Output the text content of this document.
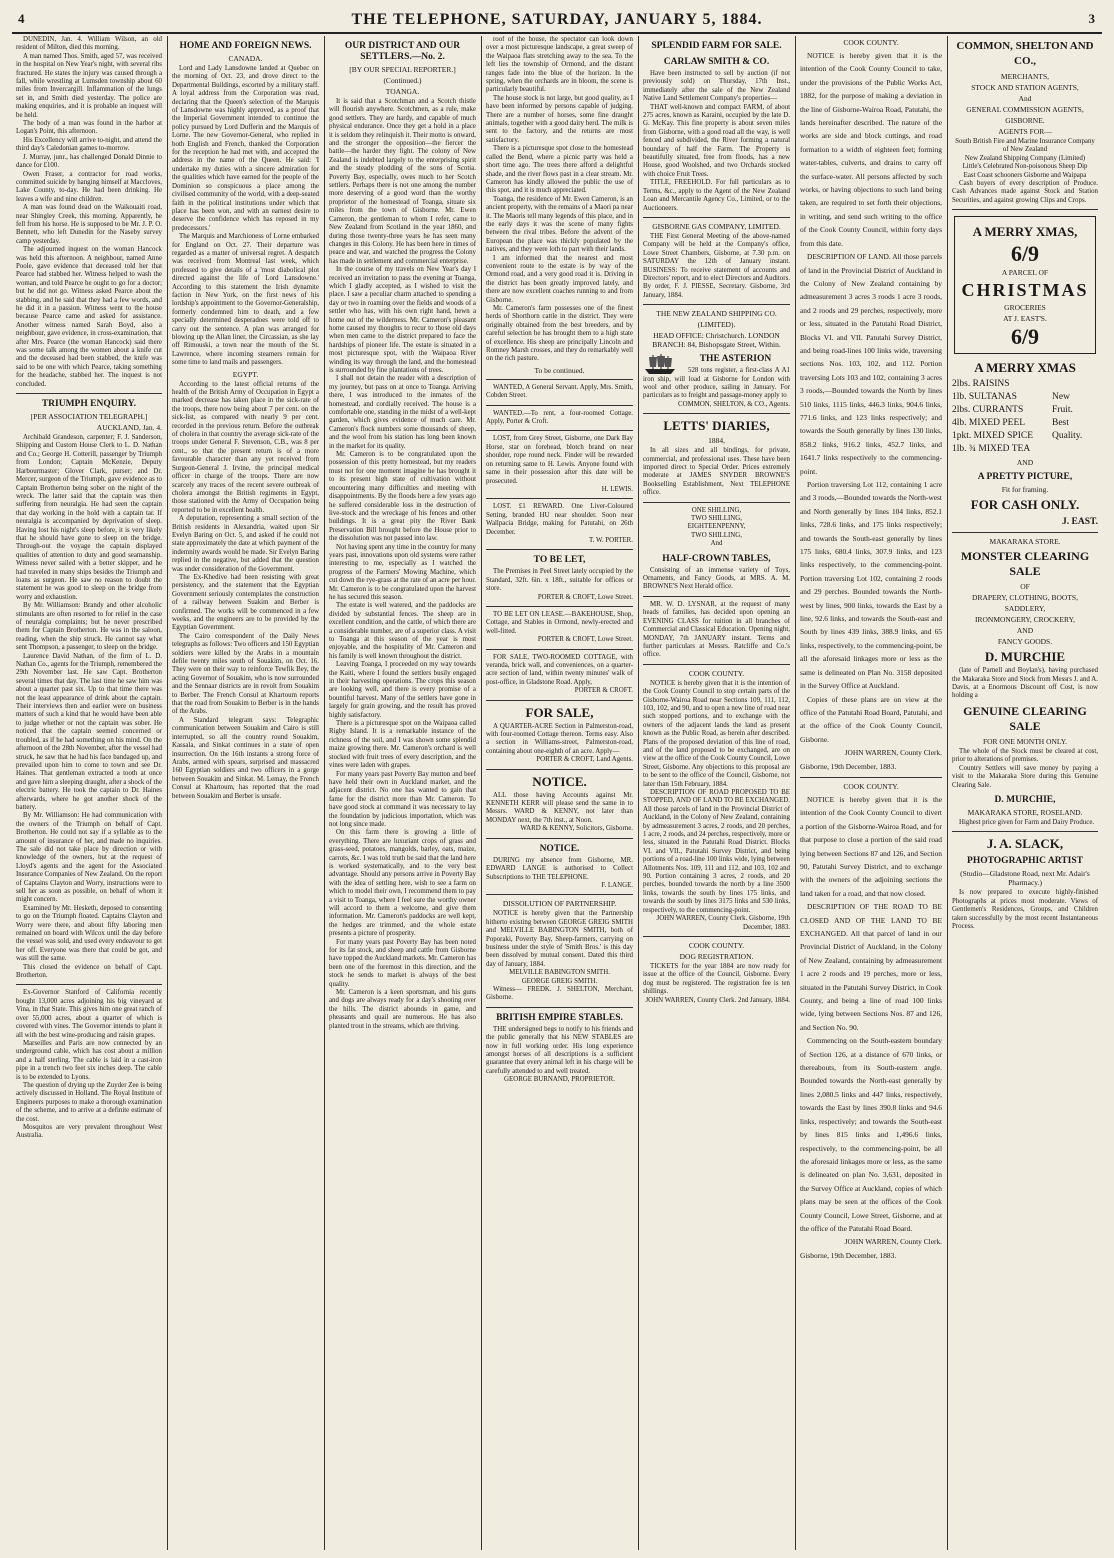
4	THE TELEPHONE, SATURDAY, JANUARY 5, 1884.	3

DUNEDIN, Jan. 4. William Wilson, an old resident of Milton, died this morning.

A man named Thos. Smith, aged 57, was received in the hospital on New Year's night, with several ribs fractured. He states the injury was caused through a fall, while wrestling at Lumsden township about 60 miles from Invercargill. Inflammation of the lungs set in, and Smith died yesterday. The police are making enquiries, and it is probable an inquest will be held.

The body of a man was found in the harbor at Logan's Point, this afternoon.

His Excellency will arrive to-night, and attend the third day's Caledonian games to-morrow.

J. Murray, junr., has challenged Donald Dinnie to dance for £100.

Owen Fraser, a contractor for road works, committed suicide by hanging himself at Maccloves, Lake County, to-day. He had been drinking. He leaves a wife and nine children.

A man was found dead on the Waikouaiti road, near Shingley Creek, this morning. Apparently, he fell from his horse. He is supposed to be Mr. J. P. O. Bennett, who left Dunedin for the Naseby survey camp yesterday.

The adjourned inquest on the woman Hancock was held this afternoon. A neighbour, named Anne Poole, gave evidence that deceased told her that Pearce had stabbed her. Witness helped to wash the woman, and told Pearce he ought to go for a doctor; but he did not go. Witness asked Pearce about the stabbing, and he said that they had a few words, and he did it in a passion. Witness went to the house because Pearce came and asked for assistance. Another witness named Sarah Boyd, also a neighbour, gave evidence, in cross-examination, that after Mrs. Pearce (the woman Hancock) said there was some talk among the women about a knife cut and the deceased had been stabbed, the knife was said to be one with which Pearce, taking something for the headache, stabbed her. The inquest is not concluded.

TRIUMPH ENQUIRY.
[PER ASSOCIATION TELEGRAPH.]
AUCKLAND, Jan. 4.

Archibald Grandeson, carpenter; F. J. Sanderson, Shipping and Custom House Clerk to L. D. Nathan and Co.; George H. Cotterill, passenger by Triumph from London; Captain McKenzie, Deputy Harbourmaster; Glover Clark, purser; and Dr. Mercer, surgeon of the Triumph, gave evidence as to Captain Brotherton being sober on the night of the wreck. The latter said that the captain was then suffering from neuralgia. He had seen the captain that day working in the hold with a captain tar. If neuralgia is accompanied by deprivation of sleep. Having lost his night's sleep before, it is very likely that he should have gone to sleep on the bridge. Through-out the voyage the captain displayed qualities of attention to duty and good seamanship. Witness never sailed with a better skipper, and he had traveled in many ships besides the Triumph and loans as surgeon. He saw no reason to doubt the statement he was good to sleep on the bridge from worry and exhaustion.

By Mr. Williamson: Brandy and other alcoholic stimulants are often resorted to for relief in the case of neuralgia complaints; but he never prescribed them for Captain Brotherton. He was in the saloon, reading, when the ship struck. He cannot say what sent Thompson, a passenger, to sleep on the bridge.

Laurence David Nathan, of the firm of L. D. Nathan Co., agents for the Triumph, remembered the 29th November last. He saw Capt. Brotherton several times that day. The last time he saw him was about a quarter past six. Up to that time there was not the least appearance of drink about the captain. Their interviews then and earlier were on business matters of such a kind that he would have been able to judge whether or not the captain was sober. He noticed that the captain seemed concerned or troubled, as if he had something on his mind. On the afternoon of the 28th November, after the vessel had struck, he saw that he had his face bandaged up, and prevailed upon him to come to town and see Dr. Haines. That gentleman extracted a tooth at once and gave him a sleeping draught, after a shock of the electric battery. He took the captain to Dr. Haines afterwards, where he got another shock of the battery.

By Mr. Williamson: He had communication with the owners of the Triumph on behalf of Capt. Brotherton. He could not say if a syllable as to the amount of insurance of her, and made no inquiries. The sale did not take place by direction or with knowledge of the owners, but at the request of Lloyd's agents and the agent for the Associated Insurance Companies of New Zealand. On the report of Captains Clayton and Worry, instructions were to sell her as soon as possible, on behalf of whom it might concern.

Examined by Mr. Hesketh, deposed to consenting to go on the Triumph floated. Captains Clayton and Worry were there, and about fifty laboring men remained on board with Wilcox until the day before the vessel was sold, and used every endeavour to get her off. Everyone was there that could be got, and was still the same.

This closed the evidence on behalf of Capt. Brotherton.

Ex-Governor Stanford of California recently bought 13,000 acres adjoining his big vineyard at Vina, in that State. This gives him one great ranch of over 55,000 acres, about a quarter of which is covered with vines. The Governor intends to plant it all with the best wine-producing and raisin grapes.

Marseilles and Paris are now connected by an underground cable, which has cost about a million and a half sterling. The cable is laid in a cast-iron pipe in a trench two feet six inches deep. The cable is to be extended to Lyons.

The question of drying up the Zuyder Zee is being actively discussed in Holland. The Royal Institute of Engineers purposes to make a thorough examination of the scheme, and to arrive at a definite estimate of the cost.

Mosquitos are very prevalent throughout West Australia.

HOME AND FOREIGN NEWS.
CANADA.

Lord and Lady Lansdowne landed at Quebec on the morning of Oct. 23, and drove direct to the Departmental Buildings, escorted by a military staff. A loyal address from the Corporation was read, declaring that the Queen's selection of the Marquis of Lansdowne was highly approved, as a proof that the Imperial Government intended to continue the policy pursued by Lord Dufferin and the Marquis of Lorne. The new Governor-General, who replied in both English and French, thanked the Corporation for the reception he had met with, and accepted the address in the name of the Queen. He said: 'I undertake my duties with a sincere admiration for the qualities which have earned for the people of the Dominion so conspicuous a place among the civilised community of the world, with a deep-seated faith in the political institutions under which that place has been won, and with an earnest desire to deserve the confidence which has reposed in my predecessors.'

The Marquis and Marchioness of Lorne embarked for England on Oct. 27. Their departure was regarded as a matter of universal regret. A despatch was received from Montreal last week, which professed to give details of a 'most diabolical plot directed against the life of Lord Lansdowne.' According to this statement the Irish dynamite faction in New York, on the first news of his lordship's appointment to the Governor-Generalship, formerly condemned him to death, and a few specially determined desperadoes were told off to carry out the sentence. A plan was arranged for blowing up the Allan liner, the Circassian, as she lay off Rimouski, a town near the mouth of the St. Lawrence, where incoming steamers remain for some time to land mails and passengers.

EGYPT.

According to the latest official returns of the health of the British Army of Occupation in Egypt a marked decrease has taken place in the sick-rate of the troops, there now being about 7 per cent. on the sick-list, as compared with nearly 9 per cent. recorded in the previous return. Before the outbreak of cholera in that country the average sick-rate of the troops under General F. Stevenson, C.B., was 8 per cent., so that the present return is of a more favourable character than any yet received from Surgeon-General J. Irvine, the principal medical officer in charge of the troops. There are now scarcely any traces of the recent severe outbreak of cholera amongst the British regiments in Egypt, those stationed with the Army of Occupation being reported to be in excellent health.

A deputation, representing a small section of the British residents in Alexandria, waited upon Sir Evelyn Baring on Oct. 5, and asked if he could not state approximately the date at which payment of the indemnity awards would be made. Sir Evelyn Baring replied in the negative, but added that the question was under consideration of the Government.

The Ex-Khedive had been resisting with great persistency, and the statement that the Egyptian Government seriously contemplates the construction of a railway between Suakim and Berber is confirmed. The works will be commenced in a few weeks, and the engineers are to be provided by the Egyptian Government.

The Cairo correspondent of the Daily News telegraphs as follows: Two officers and 150 Egyptian soldiers were killed by the Arabs in a mountain defile twenty miles south of Souakim, on Oct. 16. They were on their way to reinforce Tewfik Bey, the acting Governor of Souakim, who is now surrounded and the Sennaar districts are in revolt from Souakim to Berber. The French Consul at Khartoum reports that the road from Souakim to Berber is in the hands of the Arabs.

A Standard telegram says: Telegraphic communication between Souakim and Cairo is still interrupted, so all the country round Souakim, Kassala, and Sinkat continues in a state of open insurrection. On the 16th instants a strong force of Arabs, armed with spears, surprised and massacred 160 Egyptian soldiers and two officers in a gorge between Souakim and Sinkat. M. Lemay, the French Consul at Khartoum, has reported that the road between Souakim and Berber is unsafe.

OUR DISTRICT AND OUR SETTLERS.—No. 2.
[BY OUR SPECIAL REPORTER.]
(Continued.)
TOANGA.

It is said that a Scotchman and a Scotch thistle will flourish anywhere. Scotchmen, as a rule, make good settlers. They are hardy, and capable of much physical endurance. Once they get a hold in a place it is seldom they relinquish it. Their motto is onward, and the stronger the opposition—the fiercer the battle—the harder they fight. The colony of New Zealand is indebted largely to the enterprising spirit and the steady plodding of the sons of Scotia. Poverty Bay, especially, owes much to her Scotch settlers. Perhaps there is not one among the number more deserving of a good word than the worthy proprietor of the homestead of Toanga, situate six miles from the town of Gisborne. Mr. Ewen Cameron, the gentleman to whom I refer, came to New Zealand from Scotland in the year 1860, and during those twenty-three years he has seen many changes in this Colony. He has been here in times of peace and war, and watched the progress the Colony has made in settlement and commercial enterprise.

In the course of my travels on New Year's day I received an invitation to pass the evening at Toanga, which I gladly accepted, as I wished to visit the place. I saw a peculiar charm attached to spending a day or two in roaming over the fields and woods of a settler who has, with his own right hand, hewn a home out of the wilderness. Mr. Cameron's pleasant home caused my thoughts to recur to those old days when men came to the district prepared to face the hardships of pioneer life. The estate is situated in a most picturesque spot, with the Waipaoa River winding its way through the land, and the homestead is surrounded by fine plantations of trees.

I shall not detain the reader with a description of my journey, but pass on at once to Toanga. Arriving there, I was introduced to the inmates of the homestead, and cordially received. The house is a comfortable one, standing in the midst of a well-kept garden, which gives evidence of much care. Mr. Cameron's flock numbers some thousands of sheep, and the wool from his station has long been known in the market for its quality.

Mr. Cameron is to be congratulated upon the possession of this pretty homestead, but my readers must not for one moment imagine he has brought it to its present high state of cultivation without encountering many difficulties and meeting with disappointments. By the floods here a few years ago he suffered considerable loss in the destruction of live-stock and the wreckage of his fences and other buildings. It is a great pity the River Bank Preservation Bill brought before the House prior to the dissolution was not passed into law.

Not having spent any time in the country for many years past, innovations upon old systems were rather interesting to me, especially as I watched the progress of the Farmers' Mowing Machine, which cut down the rye-grass at the rate of an acre per hour. Mr. Cameron is to be congratulated upon the harvest he has secured this season.

The estate is well watered, and the paddocks are divided by substantial fences. The sheep are in excellent condition, and the cattle, of which there are a considerable number, are of a superior class. A visit to Toanga at this season of the year is most enjoyable, and the hospitality of Mr. Cameron and his family is well known throughout the district.

Leaving Toanga, I proceeded on my way towards the Kaiti, where I found the settlers busily engaged in their harvesting operations. The crops this season are looking well, and there is every promise of a bountiful harvest. Many of the settlers have gone in largely for grain growing, and the result has proved highly satisfactory.

There is a picturesque spot on the Waipaoa called Rigby Island. It is a remarkable instance of the richness of the soil, and I was shown some splendid maize growing there. Mr. Cameron's orchard is well stocked with fruit trees of every description, and the vines were laden with grapes.

For many years past Poverty Bay mutton and beef have held their own in Auckland market, and the adjacent district. No one has wanted to gain that fame for the district more than Mr. Cameron. To have good stock at command it was necessary to lay the foundation by judicious importation, which was not long since made.

On this farm there is growing a little of everything. There are luxuriant crops of grass and grass-seed, potatoes, mangolds, barley, oats, maize, carrots, &c. I was told truth be said that the land here is worked systematically, and to the very best advantage. Should any persons arrive in Poverty Bay with the idea of settling here, wish to see a farm on which to model their own, I recommend them to pay a visit to Toanga, where I feel sure the worthy owner will accord to them a welcome, and give them information. Mr. Cameron's paddocks are well kept, the hedges are trimmed, and the whole estate presents a picture of prosperity.

For many years past Poverty Bay has been noted for its fat stock, and sheep and cattle from Gisborne have topped the Auckland markets. Mr. Cameron has been one of the foremost in this direction, and the stock he sends to market is always of the best quality.

Mr. Cameron is a keen sportsman, and his guns and dogs are always ready for a day's shooting over the hills. The district abounds in game, and pheasants and quail are numerous. He has also planted trout in the streams, which are thriving.

roof of the house, the spectator can look down over a most picturesque landscape, a great sweep of the Waipaoa flats stretching away to the sea. To the left lies the township of Ormond, and the distant ranges fade into the blue of the horizon. In the spring, when the orchards are in bloom, the scene is particularly beautiful.

The house stock is not large, but good quality, as I have been informed by persons capable of judging. There are a number of horses, some fine draught animals, together with a good dairy herd. The milk is sent to the factory, and the returns are most satisfactory.

There is a picturesque spot close to the homestead called the Bend, where a picnic party was held a short time ago. The trees there afford a delightful shade, and the river flows past in a clear stream. Mr. Cameron has kindly allowed the public the use of this spot, and it is much appreciated.

Toanga, the residence of Mr. Ewen Cameron, is an ancient property, with the remains of a Maori pa near it. The Maoris tell many legends of this place, and in the early days it was the scene of many fights between the rival tribes. Before the advent of the European the place was thickly populated by the natives, and they were loth to part with their lands.

I am informed that the nearest and most convenient route to the estate is by way of the Ormond road, and a very good road it is. Driving in the district has been greatly improved lately, and there are now excellent coaches running to and from Gisborne.

Mr. Cameron's farm possesses one of the finest herds of Shorthorn cattle in the district. They were originally obtained from the best breeders, and by careful selection he has brought them to a high state of excellence. His sheep are principally Lincoln and Romney Marsh crosses, and they do remarkably well on the rich pasture.

To be continued.

WANTED, A General Servant. Apply, Mrs. Smith, Cobden Street.

WANTED.—To rent, a four-roomed Cottage. Apply, Porter & Croft.

LOST, from Grey Street, Gisborne, one Dark Bay Horse, star on forehead, blotch brand on near shoulder, rope round neck. Finder will be rewarded on returning same to H. Lewis. Anyone found with same in their possession after this date will be prosecuted.

H. LEWIS.

LOST. £1 REWARD. One Liver-Coloured Setting, branded HU near shoulder. Soon near Wallpacia Bridge, making for Patutahi, on 26th December.

T. W. PORTER.
TO BE LET,

The Premises in Peel Street lately occupied by the Standard, 32ft. 6in. x 18ft., suitable for offices or store.

PORTER & CROFT, Lowe Street.

TO BE LET ON LEASE.—BAKEHOUSE, Shop, Cottage, and Stables in Ormond, newly-erected and well-fitted.

PORTER & CROFT, Lowe Street.

FOR SALE, TWO-ROOMED COTTAGE, with veranda, brick wall, and conveniences, on a quarter-acre section of land, within twenty minutes' walk of post-office, in Gladstone Road. Apply,

PORTER & CROFT.
FOR SALE,

A QUARTER-ACRE Section in Palmerston-road, with four-roomed Cottage thereon. Terms easy. Also a section in Williams-street, Palmerston-road, containing about one-eighth of an acre. Apply—

PORTER & CROFT, Land Agents.
NOTICE.

ALL those having Accounts against Mr. KENNETH KERR will please send the same in to Messrs. WARD & KENNY, not later than MONDAY next, the 7th inst., at Noon.

WARD & KENNY, Solicitors, Gisborne.
NOTICE.

DURING my absence from Gisborne, MR. EDWARD LANGE is authorised to Collect Subscriptions to THE TELEPHONE.

F. LANGE.
DISSOLUTION OF PARTNERSHIP.

NOTICE is hereby given that the Partnership hitherto existing between GEORGE GREIG SMITH and MELVILLE BABINGTON SMITH, both of Poporaki, Poverty Bay, Sheep-farmers, carrying on business under the style of 'Smith Bros.' is this day been dissolved by mutual consent. Dated this third day of January, 1884.

MELVILLE BABINGTON SMITH.
GEORGE GREIG SMITH.

Witness— FREDK. J. SHELTON, Merchant, Gisborne.

BRITISH EMPIRE STABLES.

THE undersigned begs to notify to his friends and the public generally that his NEW STABLES are now in full working order. His long experience amongst horses of all descriptions is a sufficient guarantee that every animal left in his charge will be carefully attended to and well treated.

GEORGE BURNAND, PROPRIETOR.
SPLENDID FARM FOR SALE.
CARLAW SMITH & CO.

Have been instructed to sell by auction (if not previously sold) on Thursday, 17th Inst., immediately after the sale of the New Zealand Native Land Settlement Company's properties—

THAT well-known and compact FARM, of about 275 acres, known as Karaini, occupied by the late D. G. McKay. This fine property is about seven miles from Gisborne, with a good road all the way, is well fenced and subdivided, the River forming a natural boundary of half the Farm. The Property is beautifully situated, free from floods, has a new House, good Woolshed, and two Orchards stocked with choice Fruit Trees.

TITLE, FREEHOLD. For full particulars as to Terms, &c., apply to the Agent of the New Zealand Loan and Mercantile Agency Co., Limited, or to the Auctioneers.

GISBORNE GAS COMPANY, LIMITED.

THE First General Meeting of the above-named Company will be held at the Company's office, Lowe Street Chambers, Gisborne, at 7.30 p.m. on SATURDAY the 12th of January instant. BUSINESS: To receive statement of accounts and Directors' report, and to elect Directors and Auditors. By order, F. J. PIESSE, Secretary. Gisborne, 3rd January, 1884.

THE NEW ZEALAND SHIPPING CO.
(LIMITED).
HEAD OFFICE: Christchurch. LONDON BRANCH: 84, Bishopsgate Street, Within.
THE ASTERION

528 tons register, a first-class A A1 iron ship, will load at Gisborne for London with wool and other produce, sailing in January. For particulars as to freight and passage-money apply to

COMMON, SHELTON, & CO., Agents.
LETTS' DIARIES,
1884,

In all sizes and all bindings, for private, commercial, and professional uses. These have been imported direct to Special Order. Prices extremely moderate at JAMES SNYDER BROWNE'S Bookselling Establishment, Next TELEPHONE office.

ONE SHILLING,
TWO SHILLING,
EIGHTEENPENNY,
TWO SHILLING,
And
HALF-CROWN TABLES,

Consisting of an immense variety of Toys, Ornaments, and Fancy Goods, at MRS. A. M. BROWNE'S Next Herald office.

MR. W. D. LYSNAR, at the request of many heads of families, has decided upon opening an EVENING CLASS for tuition in all branches of Commercial and Classical Education. Opening night, MONDAY, 7th JANUARY instant. Terms and further particulars at Messrs. Ratcliffe and Co.'s office.

COOK COUNTY.

NOTICE is hereby given that it is the intention of the Cook County Council to stop certain parts of the Gisborne-Wairoa Road near Sections 109, 111, 112, 103, 102, and 90, and to open a new line of road near such stopped portions, and to exchange with the owners of the adjacent lands the land as present known as the Public Road, as herein after described. Plans of the proposed deviation of this line of road, and of the land proposed to be exchanged, are on view at the office of the Cook County Council, Lowe Street, Gisborne. Any objections to this proposal are to be sent to the office of the Council, Gisborne, not later than 15th February, 1884.

DESCRIPTION OF ROAD PROPOSED TO BE STOPPED, AND OF LAND TO BE EXCHANGED. All those parcels of land in the Provincial District of Auckland, in the Colony of New Zealand, containing by admeasurement 3 acres, 2 roods, and 20 perches, 1 acre, 2 roods, and 24 perches, respectively, more or less, situated in the Patutahi Road District. Blocks VI. and VII., Patutahi Survey District, and being portions of a road-line 100 links wide, lying between Allotments Nos. 109, 111 and 112, and 103, 102 and 90. Portion containing 3 acres, 2 roods, and 20 perches, bounded towards the north by a line 3500 links, towards the south by lines 175 links, and towards the south by lines 3175 links and 530 links, respectively, to the commencing-point.

JOHN WARREN, County Clerk. Gisborne, 19th December, 1883.
COOK COUNTY.
DOG REGISTRATION.

TICKETS for the year 1884 are now ready for issue at the office of the Council, Gisborne. Every dog must be registered. The registration fee is ten shillings.

JOHN WARREN, County Clerk. 2nd January, 1884.
COOK COUNTY.

NOTICE is hereby given that it is the intention of the Cook County Council to take, under the provisions of the Public Works Act, 1882, for the purpose of making a deviation in the line of Gisborne-Wairoa Road, Patutahi, the lands hereinafter described. The nature of the works are side and block cuttings, and road formation to a width of eighteen feet; forming water-tables, culverts, and drains to carry off the surface-water. All persons affected by such works, or having objections to such land being taken, are required to set forth their objections, in writing, and send such writing to the office of the Cook County Council, within forty days from this date.

DESCRIPTION OF LAND. All those parcels of land in the Provincial District of Auckland in the Colony of New Zealand containing by admeasurement 3 acres 3 roods 1 acre 3 roods, and 2 roods and 29 perches, respectively, more or less, situated in the Patutahi Road District, Blocks VI. and VII. Patutahi Survey District, and being road-lines 100 links wide, traversing sections Nos. 103, 102, and 112. Portion traversing Lots 103 and 102, containing 3 acres 3 roods,—Bounded towards the North by lines 510 links, 1115 links, 446.3 links, 904.6 links, 771.6 links, and 123 links respectively; and towards the South generally by lines 130 links, 858.2 links, 916.2 links, 452.7 links, and 1641.7 links respectively to the commencing-point.

Portion traversing Lot 112, containing 1 acre and 3 roods,—Bounded towards the North-west and North generally by lines 104 links, 852.1 links, 728.6 links, and 175 links respectively; and towards the South-east generally by lines 175 links, 680.4 links, 307.9 links, and 123 links respectively, to the commencing-point. Portion traversing Lot 102, containing 2 roods and 29 perches. Bounded towards the North-west by lines, 900 links, towards the East by a line, 92.6 links, and towards the South-east and South by lines 439 links, 388.9 links, and 65 links, respectively, to the commencing-point, be all the aforesaid linkages more or less as the same is delineated on Plan No. 3158 deposited in the Survey Office at Auckland.

Copies of these plans are on view at the office of the Patutahi Road Board, Patutahi, and at the office of the Cook County Council, Gisborne.

JOHN WARREN, County Clerk.
Gisborne, 19th December, 1883.
COOK COUNTY.

NOTICE is hereby given that it is the intention of the Cook County Council to divert a portion of the Gisborne-Wairoa Road, and for that purpose to close a portion of the said road lying between Sections 87 and 126, and Section 90, Patutahi Survey District, and to exchange with the owners of the adjoining sections the land taken for a road, and that now closed.

DESCRIPTION OF THE ROAD TO BE CLOSED AND OF THE LAND TO BE EXCHANGED. All that parcel of land in our Provincial District of Auckland, in the Colony of New Zealand, containing by admeasurement 1 acre 2 roods and 19 perches, more or less, situated in the Patutahi Survey District, in Cook County, and being a line of road 100 links wide, lying between Sections Nos. 87 and 126, and Section No. 90.

Commencing on the South-eastern boundary of Section 126, at a distance of 670 links, or thereabouts, from its South-eastern angle. Bounded towards the North-east generally by lines 2,080.5 links and 447 links, respectively, towards the East by lines 390.8 links and 94.6 links, respectively; and towards the South-east by lines 815 links and 1,496.6 links, respectively, to the commencing-point, be all the aforesaid linkages more or less, as the same is delineated on plan No. 3,631, deposited in the Survey Office at Auckland, copies of which plans may be seen at the offices of the Cook County Council, Lowe Street, Gisborne, and at the office of the Patutahi Road Board.

JOHN WARREN, County Clerk.
Gisborne, 19th December, 1883.
COMMON, SHELTON AND CO.,
MERCHANTS,
STOCK AND STATION AGENTS,
And
GENERAL COMMISSION AGENTS,
GISBORNE.
AGENTS FOR—
South British Fire and Marine Insurance Company of New Zealand
New Zealand Shipping Company (Limited)
Little's Celebrated Non-poisonous Sheep Dip
East Coast schooners Gisborne and Waipapa

Cash buyers of every description of Produce. Cash Advances made against Stock and Station Securities, and against growing Clips and Crops.

A MERRY XMAS,
6/9
A PARCEL OF
CHRISTMAS
GROCERIES
AT J. EAST'S.
6/9
A MERRY XMAS
2lbs. RAISINS
1lb. SULTANAS	New
2lbs. CURRANTS	Fruit.
4lb. MIXED PEEL	Best
1pkt. MIXED SPICE	Quality.
1lb. ¾ MIXED TEA
AND
A PRETTY PICTURE,
Fit for framing.
FOR CASH ONLY.
J. EAST.
MAKARAKA STORE.
MONSTER CLEARING SALE
OF
DRAPERY, CLOTHING, BOOTS,
SADDLERY,
IRONMONGERY, CROCKERY,
AND
FANCY GOODS.
D. MURCHIE

(late of Parnell and Boylan's), having purchased the Makaraka Store and Stock from Messrs J. and A. Davis, at a Enormous Discount off Cost, is now holding a

GENUINE CLEARING SALE
FOR ONE MONTH ONLY.

The whole of the Stock must be cleared at cost, prior to alterations of premises.

Country Settlers will save money by paying a visit to the Makaraka Store during this Genuine Clearing Sale.

D. MURCHIE,
MAKARAKA STORE, ROSELAND.

Highest price given for Farm and Dairy Produce.

J. A. SLACK,
PHOTOGRAPHIC ARTIST
(Studio—Gladstone Road, next Mr. Adair's Pharmacy.)

Is now prepared to execute highly-finished Photographs at prices most moderate. Views of Gentlemen's Residences, Groups, and Children taken successfully by the most recent Instantaneous Process.
